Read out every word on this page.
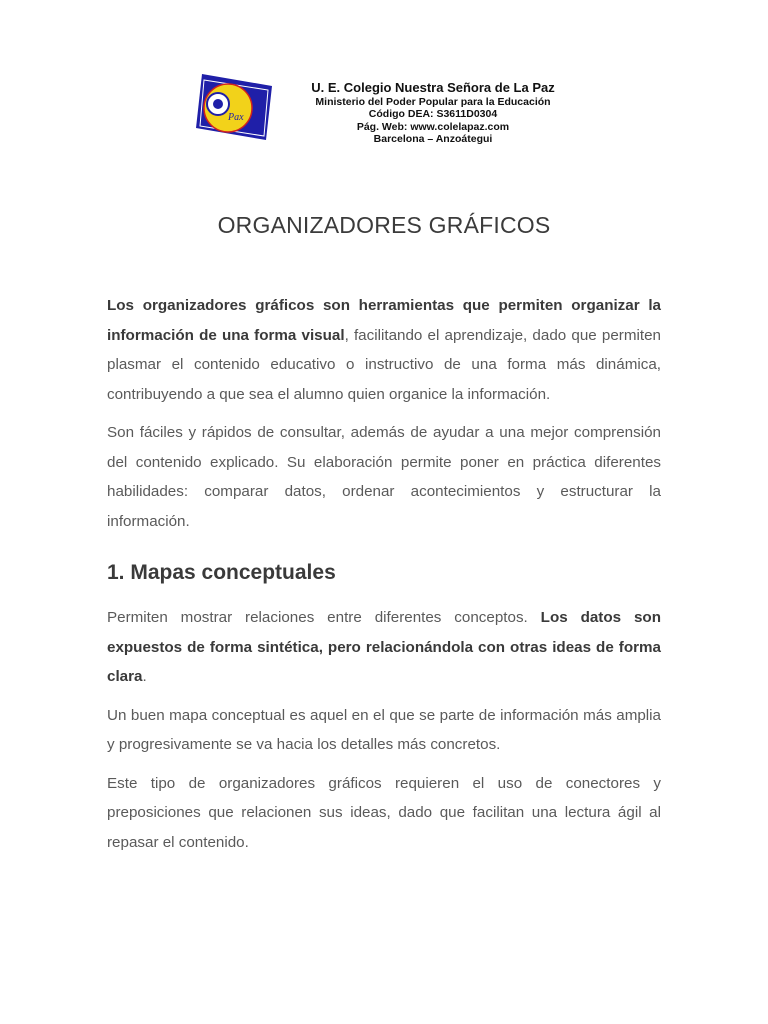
Pax
U. E. Colegio Nuestra Señora de La Paz
Ministerio del Poder Popular para la Educación
Código DEA: S3611D0304
Pág. Web: www.colelapaz.com
Barcelona – Anzoátegui
ORGANIZADORES GRÁFICOS

Los organizadores gráficos son herramientas que permiten organizar la información de una forma visual, facilitando el aprendizaje, dado que permiten plasmar el contenido educativo o instructivo de una forma más dinámica, contribuyendo a que sea el alumno quien organice la información.

Son fáciles y rápidos de consultar, además de ayudar a una mejor comprensión del contenido explicado. Su elaboración permite poner en práctica diferentes habilidades: comparar datos, ordenar acontecimientos y estructurar la información.

1. Mapas conceptuales

Permiten mostrar relaciones entre diferentes conceptos. Los datos son expuestos de forma sintética, pero relacionándola con otras ideas de forma clara.

Un buen mapa conceptual es aquel en el que se parte de información más amplia y progresivamente se va hacia los detalles más concretos.

Este tipo de organizadores gráficos requieren el uso de conectores y preposiciones que relacionen sus ideas, dado que facilitan una lectura ágil al repasar el contenido.
